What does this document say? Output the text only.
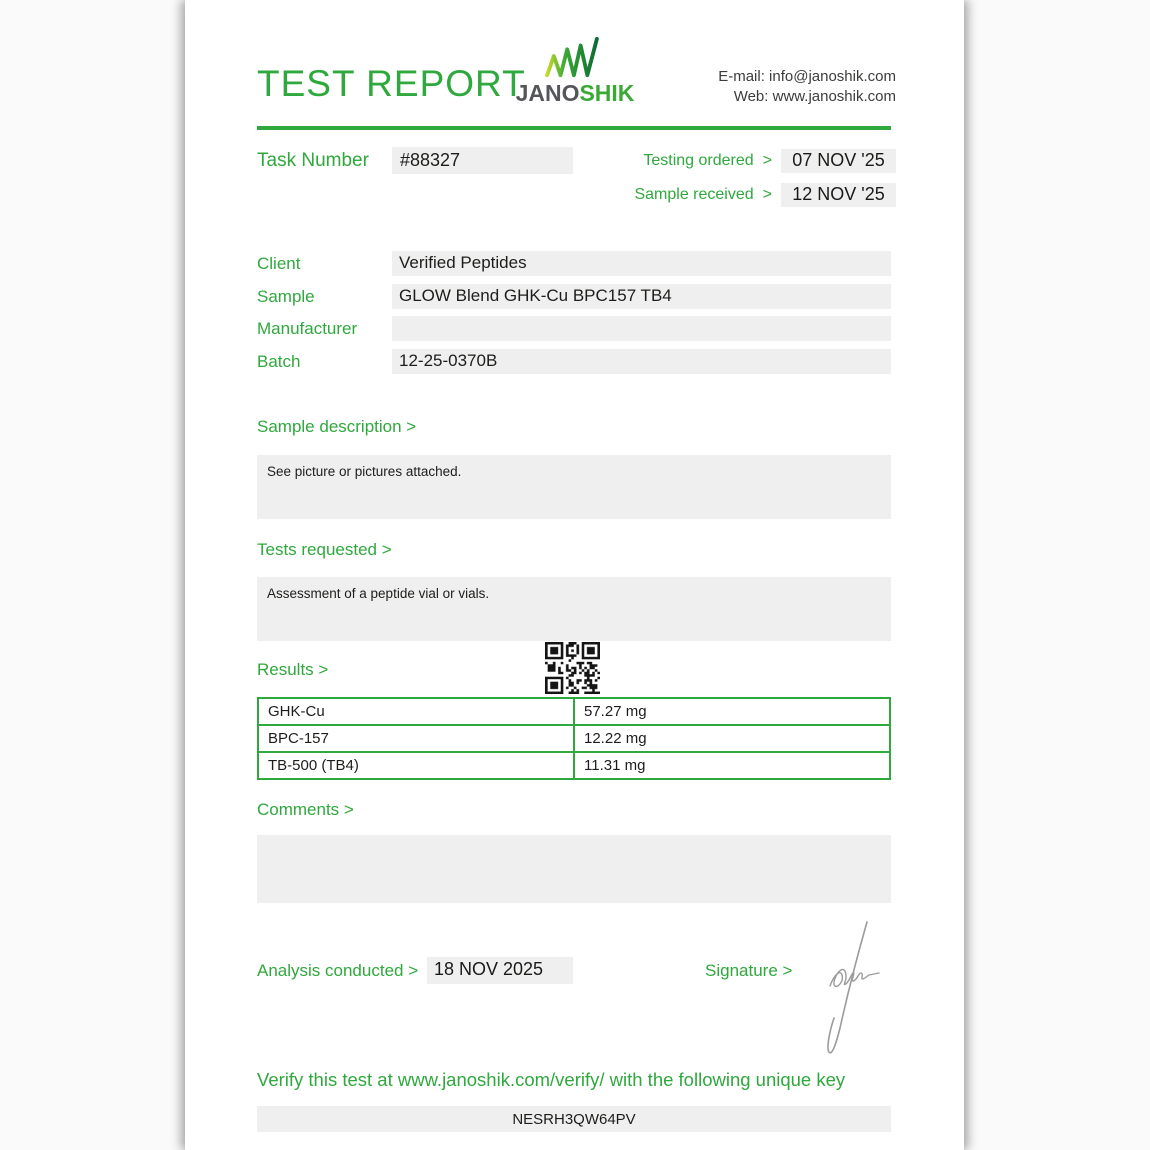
TEST REPORT
JANOSHIK
E-mail: info@janoshik.com
Web: www.janoshik.com
Task Number	#88327	Testing ordered >	07 NOV '25
Sample received >	12 NOV '25
Client	Verified Peptides
Sample	GLOW Blend GHK-Cu BPC157 TB4
Manufacturer
Batch	12-25-0370B
Sample description >
See picture or pictures attached.
Tests requested >
Assessment of a peptide vial or vials.
Results >
GHK-Cu	57.27 mg
BPC-157	12.22 mg
TB-500 (TB4)	11.31 mg
Comments >
Analysis conducted > 18 NOV 2025	Signature >
Verify this test at www.janoshik.com/verify/ with the following unique key
NESRH3QW64PV
